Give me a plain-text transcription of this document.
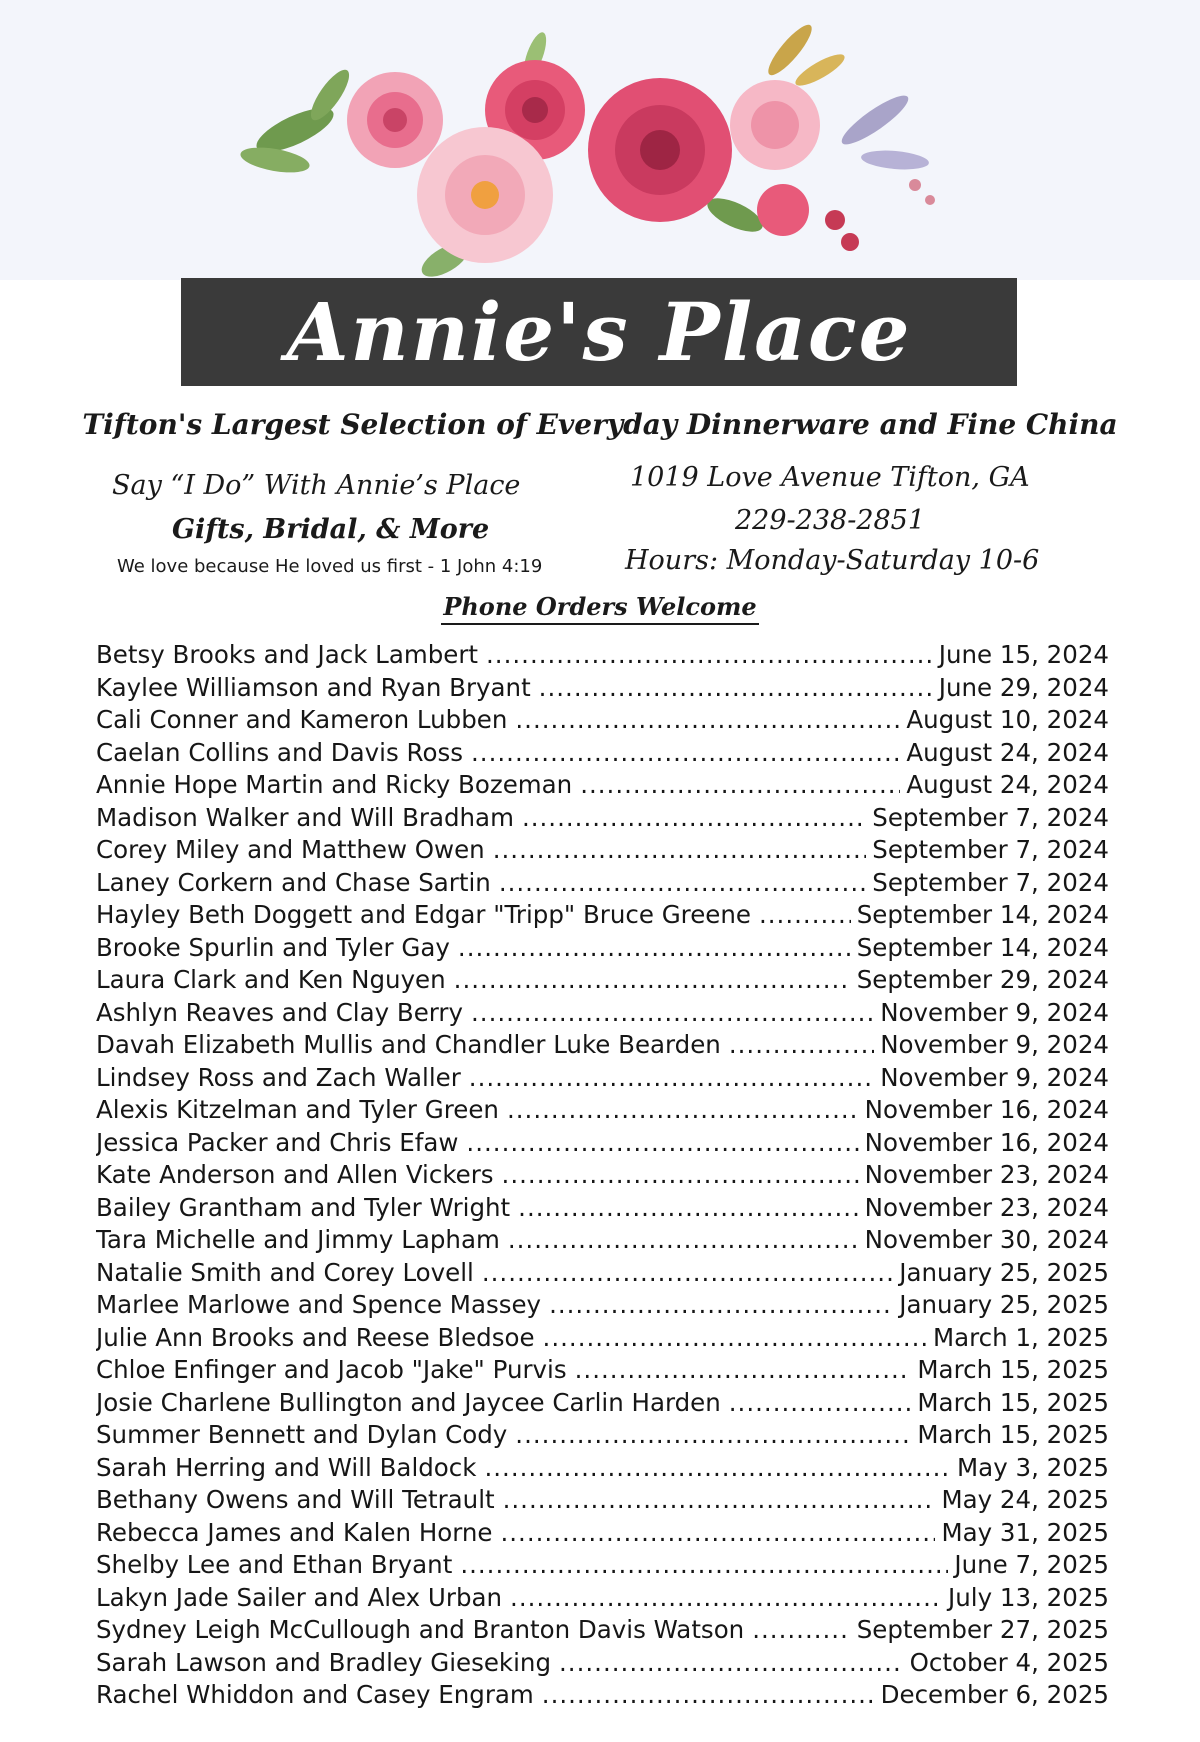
Annie's Place
Tifton's Largest Selection of Everyday Dinnerware and Fine China
Say “I Do” With Annie’s Place
Gifts, Bridal, & More
We love because He loved us first - 1 John 4:19
1019 Love Avenue Tifton, GA
229-238-2851
Hours: Monday-Saturday 10-6
Phone Orders Welcome
Betsy Brooks and Jack Lambert .....	June 15, 2024
Kaylee Williamson and Ryan Bryant .....	June 29, 2024
Cali Conner and Kameron Lubben .....	August 10, 2024
Caelan Collins and Davis Ross .....	August 24, 2024
Annie Hope Martin and Ricky Bozeman .....	August 24, 2024
Madison Walker and Will Bradham .....	September 7, 2024
Corey Miley and Matthew Owen .....	September 7, 2024
Laney Corkern and Chase Sartin .....	September 7, 2024
Hayley Beth Doggett and Edgar "Tripp" Bruce Greene .....	September 14, 2024
Brooke Spurlin and Tyler Gay .....	September 14, 2024
Laura Clark and Ken Nguyen .....	September 29, 2024
Ashlyn Reaves and Clay Berry .....	November 9, 2024
Davah Elizabeth Mullis and Chandler Luke Bearden .....	November 9, 2024
Lindsey Ross and Zach Waller .....	November 9, 2024
Alexis Kitzelman and Tyler Green .....	November 16, 2024
Jessica Packer and Chris Efaw .....	November 16, 2024
Kate Anderson and Allen Vickers .....	November 23, 2024
Bailey Grantham and Tyler Wright .....	November 23, 2024
Tara Michelle and Jimmy Lapham .....	November 30, 2024
Natalie Smith and Corey Lovell .....	January 25, 2025
Marlee Marlowe and Spence Massey .....	January 25, 2025
Julie Ann Brooks and Reese Bledsoe .....	March 1, 2025
Chloe Enfinger and Jacob "Jake" Purvis .....	March 15, 2025
Josie Charlene Bullington and Jaycee Carlin Harden .....	March 15, 2025
Summer Bennett and Dylan Cody .....	March 15, 2025
Sarah Herring and Will Baldock .....	May 3, 2025
Bethany Owens and Will Tetrault .....	May 24, 2025
Rebecca James and Kalen Horne .....	May 31, 2025
Shelby Lee and Ethan Bryant .....	June 7, 2025
Lakyn Jade Sailer and Alex Urban .....	July 13, 2025
Sydney Leigh McCullough and Branton Davis Watson .....	September 27, 2025
Sarah Lawson and Bradley Gieseking .....	October 4, 2025
Rachel Whiddon and Casey Engram .....	December 6, 2025
